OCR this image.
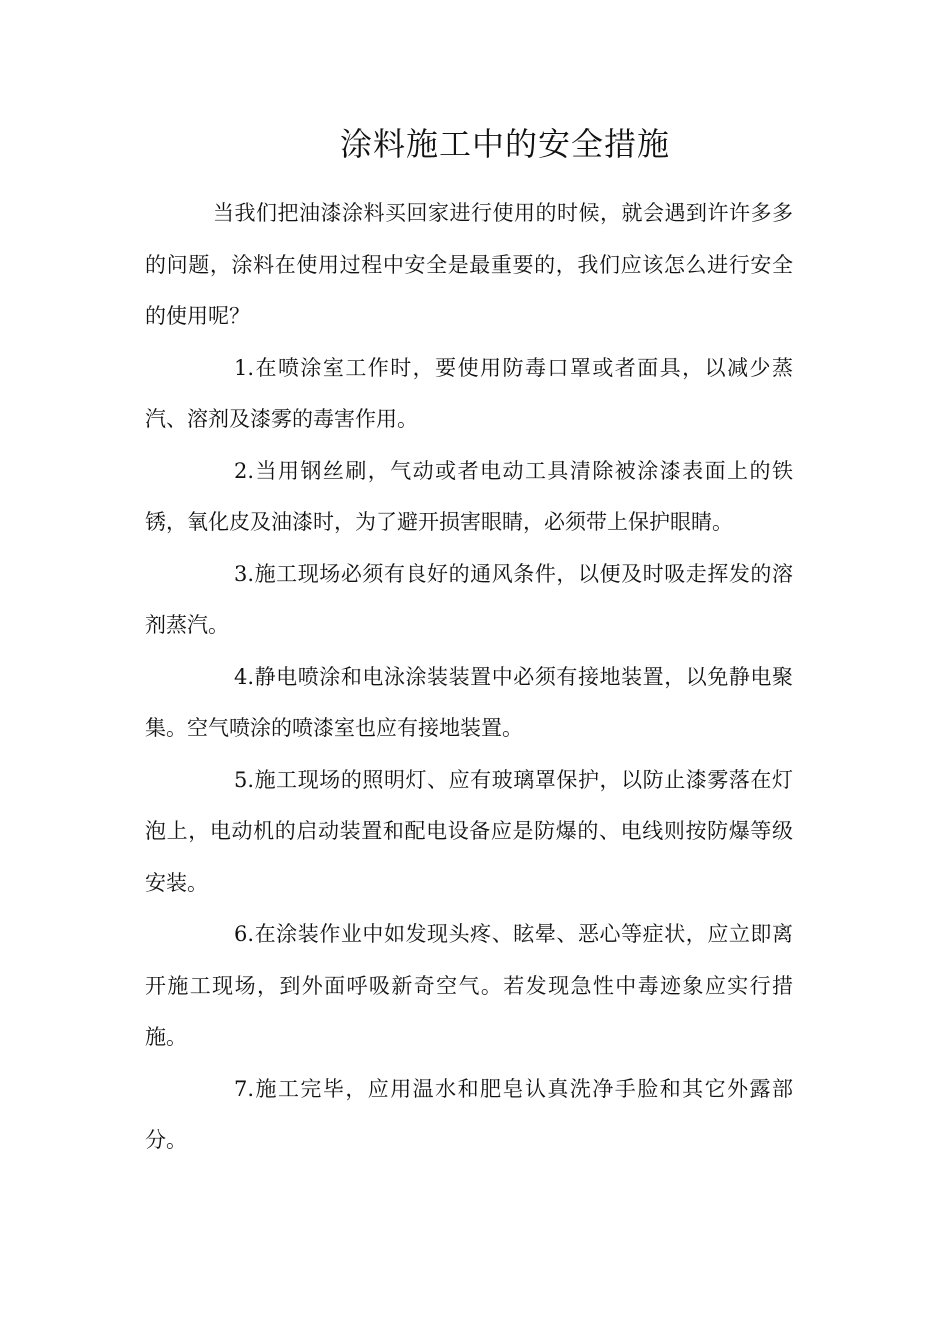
涂料施工中的安全措施

当我们把油漆涂料买回家进行使用的时候，就会遇到许许多多的问题，涂料在使用过程中安全是最重要的，我们应该怎么进行安全的使用呢？

1.在喷涂室工作时，要使用防毒口罩或者面具，以减少蒸汽、溶剂及漆雾的毒害作用。

2.当用钢丝刷，气动或者电动工具清除被涂漆表面上的铁锈，氧化皮及油漆时，为了避开损害眼睛，必须带上保护眼睛。

3.施工现场必须有良好的通风条件，以便及时吸走挥发的溶剂蒸汽。

4.静电喷涂和电泳涂装装置中必须有接地装置，以免静电聚集。空气喷涂的喷漆室也应有接地装置。

5.施工现场的照明灯、应有玻璃罩保护，以防止漆雾落在灯泡上，电动机的启动装置和配电设备应是防爆的、电线则按防爆等级安装。

6.在涂装作业中如发现头疼、眩晕、恶心等症状，应立即离开施工现场，到外面呼吸新奇空气。若发现急性中毒迹象应实行措施。

7.施工完毕，应用温水和肥皂认真洗净手脸和其它外露部分。
